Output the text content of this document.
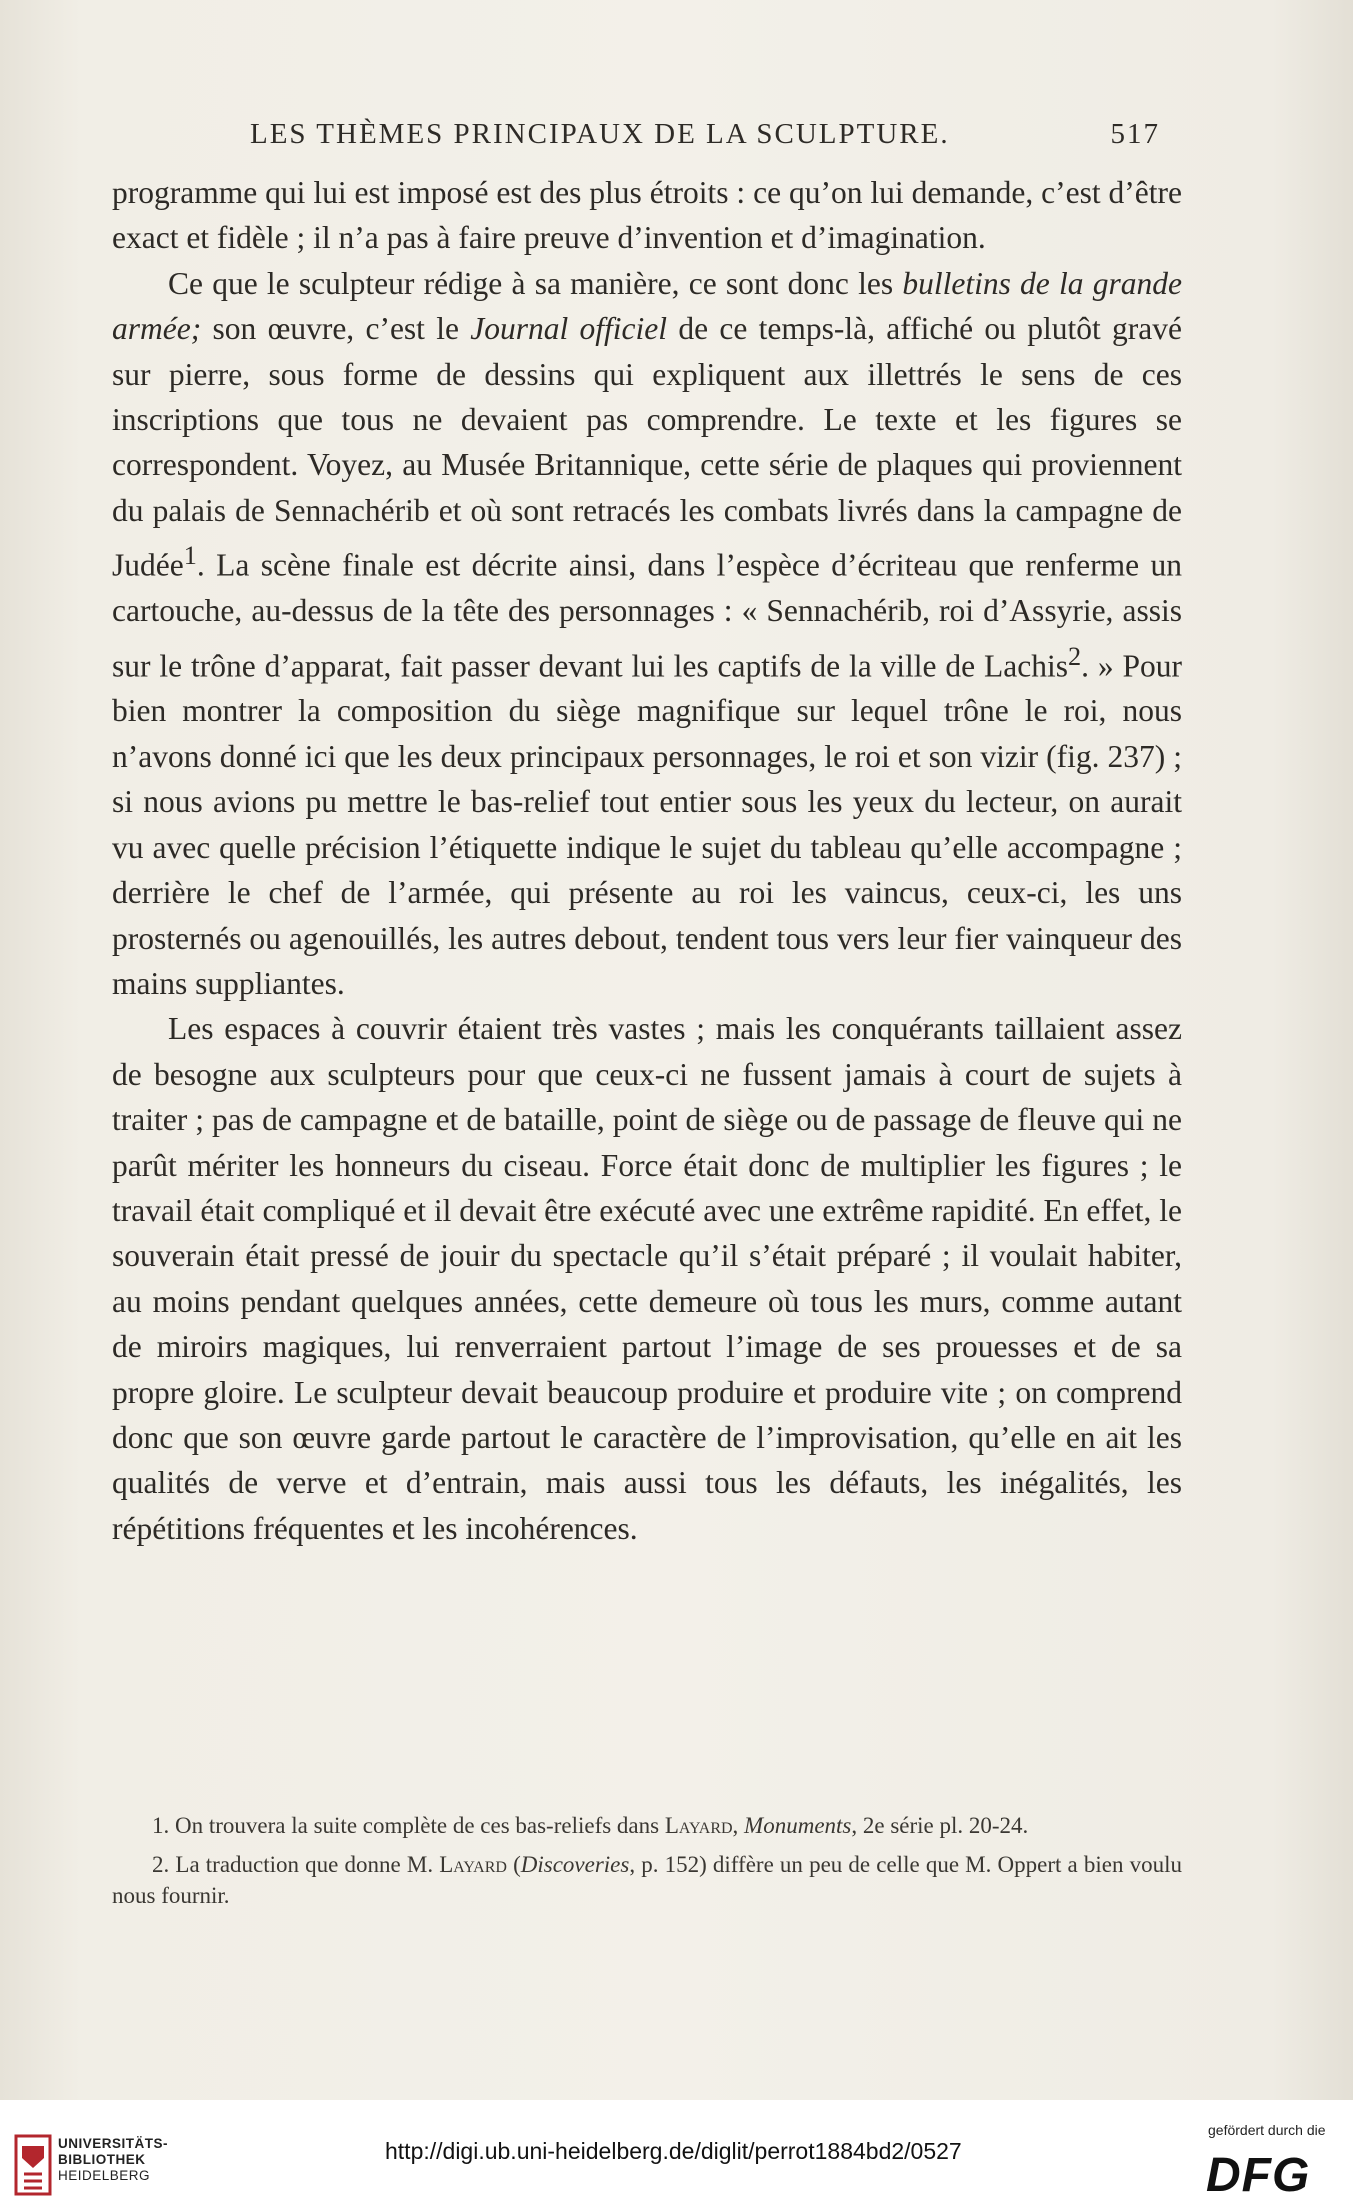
LES THÈMES PRINCIPAUX DE LA SCULPTURE.	517

programme qui lui est imposé est des plus étroits : ce qu’on lui demande, c’est d’être exact et fidèle ; il n’a pas à faire preuve d’invention et d’imagination.

Ce que le sculpteur rédige à sa manière, ce sont donc les bulletins de la grande armée; son œuvre, c’est le Journal officiel de ce temps-là, affiché ou plutôt gravé sur pierre, sous forme de dessins qui expliquent aux illettrés le sens de ces inscriptions que tous ne devaient pas comprendre. Le texte et les figures se correspondent. Voyez, au Musée Britannique, cette série de plaques qui proviennent du palais de Sennachérib et où sont retracés les combats livrés dans la campagne de Judée$^1$. La scène finale est décrite ainsi, dans l’espèce d’écriteau que renferme un cartouche, au-dessus de la tête des personnages : « Sennachérib, roi d’Assyrie, assis sur le trône d’apparat, fait passer devant lui les captifs de la ville de Lachis$^2$. » Pour bien montrer la composition du siège magnifique sur lequel trône le roi, nous n’avons donné ici que les deux principaux personnages, le roi et son vizir (fig. 237) ; si nous avions pu mettre le bas-relief tout entier sous les yeux du lecteur, on aurait vu avec quelle précision l’étiquette indique le sujet du tableau qu’elle accompagne ; derrière le chef de l’armée, qui présente au roi les vaincus, ceux-ci, les uns prosternés ou agenouillés, les autres debout, tendent tous vers leur fier vainqueur des mains suppliantes.

Les espaces à couvrir étaient très vastes ; mais les conquérants taillaient assez de besogne aux sculpteurs pour que ceux-ci ne fussent jamais à court de sujets à traiter ; pas de campagne et de bataille, point de siège ou de passage de fleuve qui ne parût mériter les honneurs du ciseau. Force était donc de multiplier les figures ; le travail était compliqué et il devait être exécuté avec une extrême rapidité. En effet, le souverain était pressé de jouir du spectacle qu’il s’était préparé ; il voulait habiter, au moins pendant quelques années, cette demeure où tous les murs, comme autant de miroirs magiques, lui renverraient partout l’image de ses prouesses et de sa propre gloire. Le sculpteur devait beaucoup produire et produire vite ; on comprend donc que son œuvre garde partout le caractère de l’improvisation, qu’elle en ait les qualités de verve et d’entrain, mais aussi tous les défauts, les inégalités, les répétitions fréquentes et les incohérences.

1. On trouvera la suite complète de ces bas-reliefs dans Layard, Monuments, 2e série pl. 20-24.

2. La traduction que donne M. Layard (Discoveries, p. 152) diffère un peu de celle que M. Oppert a bien voulu nous fournir.

UNIVERSITÄTS-
BIBLIOTHEK
HEIDELBERG
http://digi.ub.uni-heidelberg.de/diglit/perrot1884bd2/0527
gefördert durch die
DFG
